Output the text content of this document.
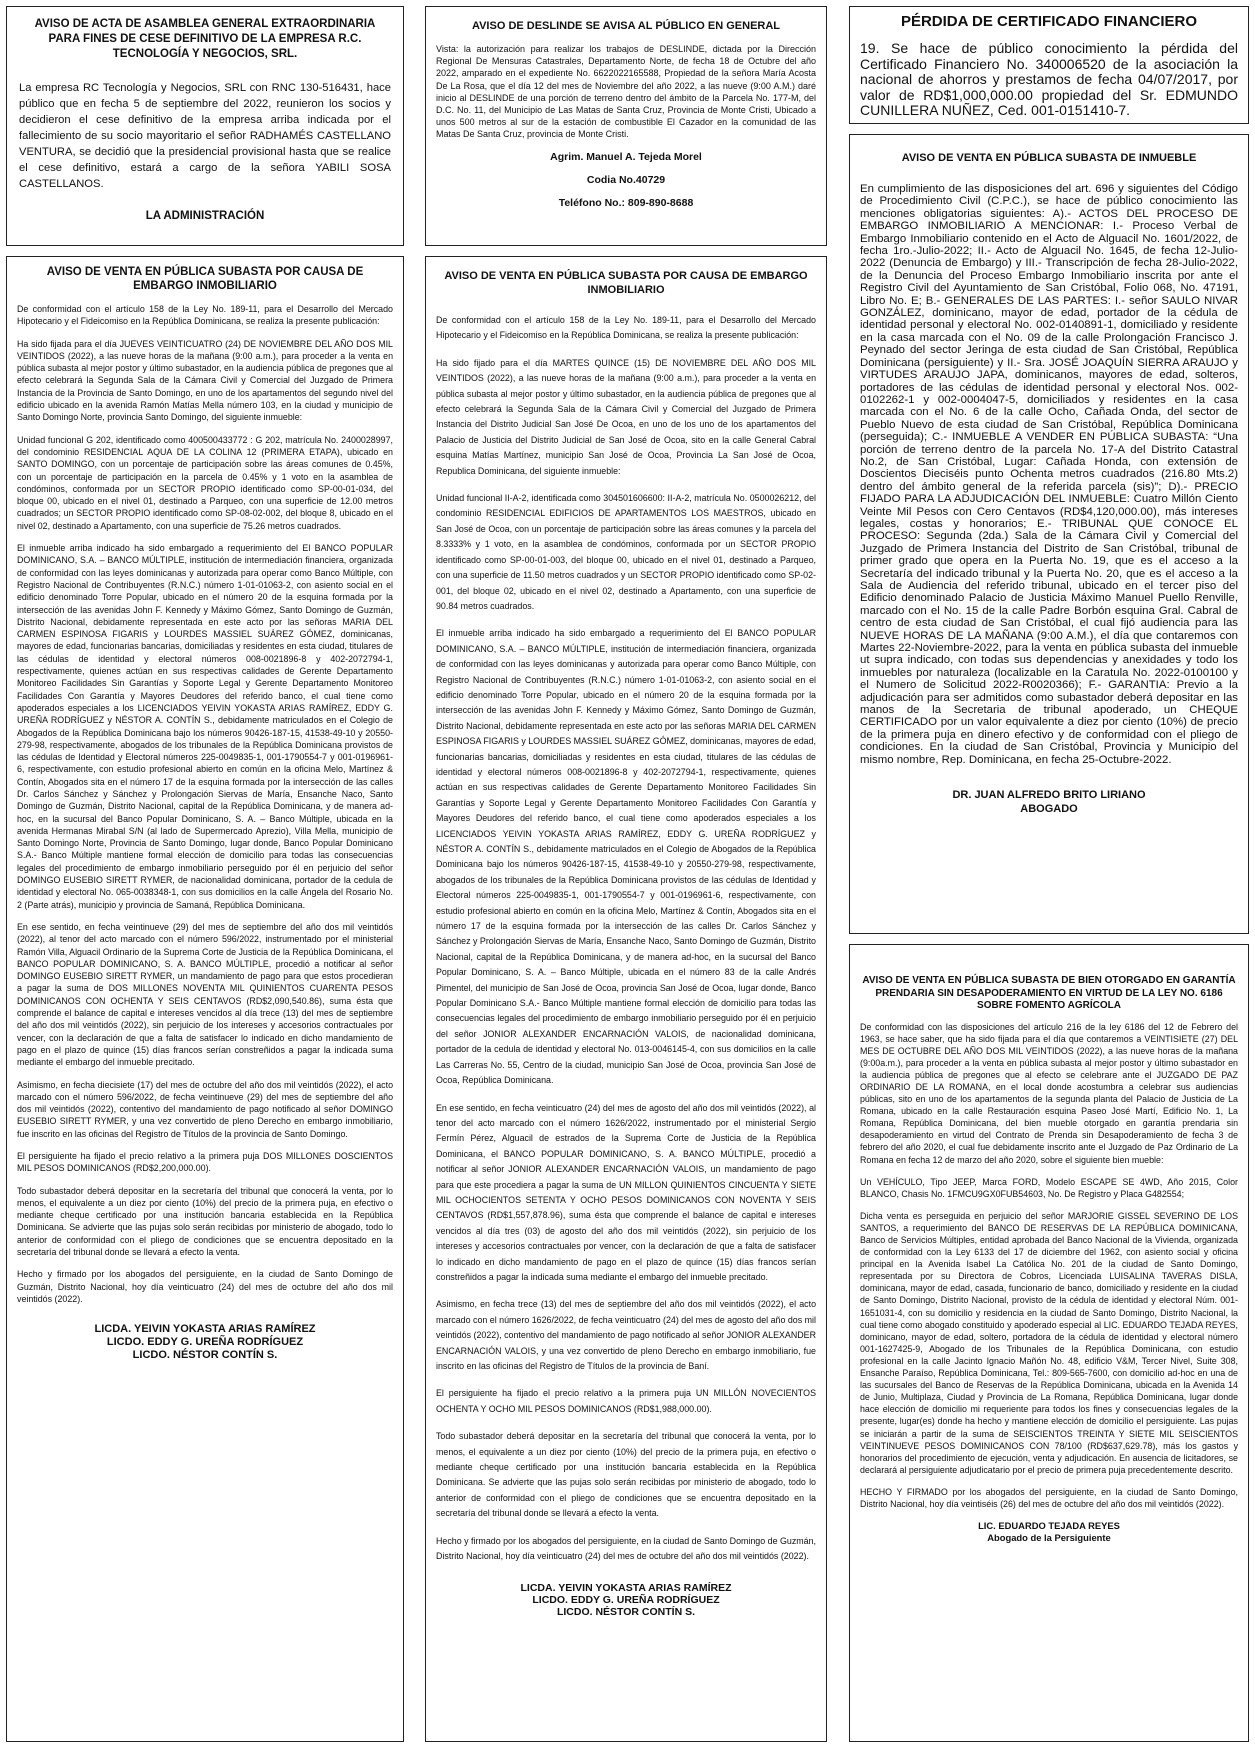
AVISO DE ACTA DE ASAMBLEA GENERAL EXTRAORDINARIA PARA FINES DE CESE DEFINITIVO DE LA EMPRESA R.C. TECNOLOGÍA Y NEGOCIOS, SRL.

La empresa RC Tecnología y Negocios, SRL con RNC 130-516431, hace público que en fecha 5 de septiembre del 2022, reunieron los socios y decidieron el cese definitivo de la empresa arriba indicada por el fallecimiento de su socio mayoritario el señor RADHAMÉS CASTELLANO VENTURA, se decidió que la presidencial provisional hasta que se realice el cese definitivo, estará a cargo de la señora YABILI SOSA CASTELLANOS.

LA ADMINISTRACIÓN

AVISO DE VENTA EN PÚBLICA SUBASTA POR CAUSA DE EMBARGO INMOBILIARIO

De conformidad con el artículo 158 de la Ley No. 189-11, para el Desarrollo del Mercado Hipotecario y el Fideicomiso en la República Dominicana, se realiza la presente publicación:

Ha sido fijada para el día JUEVES VEINTICUATRO (24) DE NOVIEMBRE DEL AÑO DOS MIL VEINTIDOS (2022), a las nueve horas de la mañana (9:00 a.m.), para proceder a la venta en pública subasta al mejor postor y último subastador, en la audiencia pública de pregones que al efecto celebrará la Segunda Sala de la Cámara Civil y Comercial del Juzgado de Primera Instancia de la Provincia de Santo Domingo, en uno de los apartamentos del segundo nivel del edificio ubicado en la avenida Ramón Matías Mella número 103, en la ciudad y municipio de Santo Domingo Norte, provincia Santo Domingo, del siguiente inmueble:

Unidad funcional G 202, identificado como 400500433772 : G 202, matrícula No. 2400028997, del condominio RESIDENCIAL AQUA DE LA COLINA 12 (PRIMERA ETAPA), ubicado en SANTO DOMINGO, con un porcentaje de participación sobre las áreas comunes de 0.45%, con un porcentaje de participación en la parcela de 0.45% y 1 voto en la asamblea de condóminos, conformada por un SECTOR PROPIO identificado como SP-00-01-034, del bloque 00, ubicado en el nivel 01, destinado a Parqueo, con una superficie de 12.00 metros cuadrados; un SECTOR PROPIO identificado como SP-08-02-002, del bloque 8, ubicado en el nivel 02, destinado a Apartamento, con una superficie de 75.26 metros cuadrados.

El inmueble arriba indicado ha sido embargado a requerimiento del El BANCO POPULAR DOMINICANO, S.A. – BANCO MÚLTIPLE, institución de intermediación financiera, organizada de conformidad con las leyes dominicanas y autorizada para operar como Banco Múltiple, con Registro Nacional de Contribuyentes (R.N.C.) número 1-01-01063-2, con asiento social en el edificio denominado Torre Popular, ubicado en el número 20 de la esquina formada por la intersección de las avenidas John F. Kennedy y Máximo Gómez, Santo Domingo de Guzmán, Distrito Nacional, debidamente representada en este acto por las señoras MARIA DEL CARMEN ESPINOSA FIGARIS y LOURDES MASSIEL SUÁREZ GÓMEZ, dominicanas, mayores de edad, funcionarias bancarias, domiciliadas y residentes en esta ciudad, titulares de las cédulas de identidad y electoral números 008-0021896-8 y 402-2072794-1, respectivamente, quienes actúan en sus respectivas calidades de Gerente Departamento Monitoreo Facilidades Sin Garantías y Soporte Legal y Gerente Departamento Monitoreo Facilidades Con Garantía y Mayores Deudores del referido banco, el cual tiene como apoderados especiales a los LICENCIADOS YEIVIN YOKASTA ARIAS RAMÍREZ, EDDY G. UREÑA RODRÍGUEZ y NÉSTOR A. CONTÍN S., debidamente matriculados en el Colegio de Abogados de la República Dominicana bajo los números 90426-187-15, 41538-49-10 y 20550-279-98, respectivamente, abogados de los tribunales de la República Dominicana provistos de las cédulas de Identidad y Electoral números 225-0049835-1, 001-1790554-7 y 001-0196961-6, respectivamente, con estudio profesional abierto en común en la oficina Melo, Martínez & Contín, Abogados sita en el número 17 de la esquina formada por la intersección de las calles Dr. Carlos Sánchez y Sánchez y Prolongación Siervas de María, Ensanche Naco, Santo Domingo de Guzmán, Distrito Nacional, capital de la República Dominicana, y de manera ad-hoc, en la sucursal del Banco Popular Dominicano, S. A. – Banco Múltiple, ubicada en la avenida Hermanas Mirabal S/N (al lado de Supermercado Aprezio), Villa Mella, municipio de Santo Domingo Norte, Provincia de Santo Domingo, lugar donde, Banco Popular Dominicano S.A.- Banco Múltiple mantiene formal elección de domicilio para todas las consecuencias legales del procedimiento de embargo inmobiliario perseguido por él en perjuicio del señor DOMINGO EUSEBIO SIRETT RYMER, de nacionalidad dominicana, portador de la cedula de identidad y electoral No. 065-0038348-1, con sus domicilios en la calle Ángela del Rosario No. 2 (Parte atrás), municipio y provincia de Samaná, República Dominicana.

En ese sentido, en fecha veintinueve (29) del mes de septiembre del año dos mil veintidós (2022), al tenor del acto marcado con el número 596/2022, instrumentado por el ministerial Ramón Villa, Alguacil Ordinario de la Suprema Corte de Justicia de la República Dominicana, el BANCO POPULAR DOMINICANO, S. A. BANCO MÚLTIPLE, procedió a notificar al señor DOMINGO EUSEBIO SIRETT RYMER, un mandamiento de pago para que estos procedieran a pagar la suma de DOS MILLONES NOVENTA MIL QUINIENTOS CUARENTA PESOS DOMINICANOS CON OCHENTA Y SEIS CENTAVOS (RD$2,090,540.86), suma ésta que comprende el balance de capital e intereses vencidos al día trece (13) del mes de septiembre del año dos mil veintidós (2022), sin perjuicio de los intereses y accesorios contractuales por vencer, con la declaración de que a falta de satisfacer lo indicado en dicho mandamiento de pago en el plazo de quince (15) días francos serían constreñidos a pagar la indicada suma mediante el embargo del inmueble precitado.

Asimismo, en fecha diecisiete (17) del mes de octubre del año dos mil veintidós (2022), el acto marcado con el número 596/2022, de fecha veintinueve (29) del mes de septiembre del año dos mil veintidós (2022), contentivo del mandamiento de pago notificado al señor DOMINGO EUSEBIO SIRETT RYMER, y una vez convertido de pleno Derecho en embargo inmobiliario, fue inscrito en las oficinas del Registro de Títulos de la provincia de Santo Domingo.

El persiguiente ha fijado el precio relativo a la primera puja DOS MILLONES DOSCIENTOS MIL PESOS DOMINICANOS (RD$2,200,000.00).

Todo subastador deberá depositar en la secretaría del tribunal que conocerá la venta, por lo menos, el equivalente a un diez por ciento (10%) del precio de la primera puja, en efectivo o mediante cheque certificado por una institución bancaria establecida en la República Dominicana. Se advierte que las pujas solo serán recibidas por ministerio de abogado, todo lo anterior de conformidad con el pliego de condiciones que se encuentra depositado en la secretaría del tribunal donde se llevará a efecto la venta.

Hecho y firmado por los abogados del persiguiente, en la ciudad de Santo Domingo de Guzmán, Distrito Nacional, hoy día veinticuatro (24) del mes de octubre del año dos mil veintidós (2022).

LICDA. YEIVIN YOKASTA ARIAS RAMÍREZ

LICDO. EDDY G. UREÑA RODRÍGUEZ

LICDO. NÉSTOR CONTÍN S.

AVISO DE DESLINDE SE AVISA AL PÚBLICO EN GENERAL

Vista: la autorización para realizar los trabajos de DESLINDE, dictada por la Dirección Regional De Mensuras Catastrales, Departamento Norte, de fecha 18 de Octubre del año 2022, amparado en el expediente No. 6622022165588, Propiedad de la señora María Acosta De La Rosa, que el día 12 del mes de Noviembre del año 2022, a las nueve (9:00 A.M.) daré inicio al DESLINDE de una porción de terreno dentro del ámbito de la Parcela No. 177-M, del D.C. No. 11, del Municipio de Las Matas de Santa Cruz, Provincia de Monte Cristi, Ubicado a unos 500 metros al sur de la estación de combustible El Cazador en la comunidad de las Matas De Santa Cruz, provincia de Monte Cristi.

Agrim. Manuel A. Tejeda Morel

Codia No.40729

Teléfono No.: 809-890-8688

AVISO DE VENTA EN PÚBLICA SUBASTA POR CAUSA DE EMBARGO INMOBILIARIO

De conformidad con el artículo 158 de la Ley No. 189-11, para el Desarrollo del Mercado Hipotecario y el Fideicomiso en la República Dominicana, se realiza la presente publicación:

Ha sido fijado para el día MARTES QUINCE (15) DE NOVIEMBRE DEL AÑO DOS MIL VEINTIDOS (2022), a las nueve horas de la mañana (9:00 a.m.), para proceder a la venta en pública subasta al mejor postor y último subastador, en la audiencia pública de pregones que al efecto celebrará la Segunda Sala de la Cámara Civil y Comercial del Juzgado de Primera Instancia del Distrito Judicial San José De Ocoa, en uno de los uno de los apartamentos del Palacio de Justicia del Distrito Judicial de San José de Ocoa, sito en la calle General Cabral esquina Matías Martínez, municipio San José de Ocoa, Provincia La San José de Ocoa, Republica Dominicana, del siguiente inmueble:

Unidad funcional II-A-2, identificada como 304501606600: II-A-2, matrícula No. 0500026212, del condominio RESIDENCIAL EDIFICIOS DE APARTAMENTOS LOS MAESTROS, ubicado en San José de Ocoa, con un porcentaje de participación sobre las áreas comunes y la parcela del 8.3333% y 1 voto, en la asamblea de condóminos, conformada por un SECTOR PROPIO identificado como SP-00-01-003, del bloque 00, ubicado en el nivel 01, destinado a Parqueo, con una superficie de 11.50 metros cuadrados y un SECTOR PROPIO identificado como SP-02-001, del bloque 02, ubicado en el nivel 02, destinado a Apartamento, con una superficie de 90.84 metros cuadrados.

El inmueble arriba indicado ha sido embargado a requerimiento del El BANCO POPULAR DOMINICANO, S.A. – BANCO MÚLTIPLE, institución de intermediación financiera, organizada de conformidad con las leyes dominicanas y autorizada para operar como Banco Múltiple, con Registro Nacional de Contribuyentes (R.N.C.) número 1-01-01063-2, con asiento social en el edificio denominado Torre Popular, ubicado en el número 20 de la esquina formada por la intersección de las avenidas John F. Kennedy y Máximo Gómez, Santo Domingo de Guzmán, Distrito Nacional, debidamente representada en este acto por las señoras MARIA DEL CARMEN ESPINOSA FIGARIS y LOURDES MASSIEL SUÁREZ GÓMEZ, dominicanas, mayores de edad, funcionarias bancarias, domiciliadas y residentes en esta ciudad, titulares de las cédulas de identidad y electoral números 008-0021896-8 y 402-2072794-1, respectivamente, quienes actúan en sus respectivas calidades de Gerente Departamento Monitoreo Facilidades Sin Garantías y Soporte Legal y Gerente Departamento Monitoreo Facilidades Con Garantía y Mayores Deudores del referido banco, el cual tiene como apoderados especiales a los LICENCIADOS YEIVIN YOKASTA ARIAS RAMÍREZ, EDDY G. UREÑA RODRÍGUEZ y NÉSTOR A. CONTÍN S., debidamente matriculados en el Colegio de Abogados de la República Dominicana bajo los números 90426-187-15, 41538-49-10 y 20550-279-98, respectivamente, abogados de los tribunales de la República Dominicana provistos de las cédulas de Identidad y Electoral números 225-0049835-1, 001-1790554-7 y 001-0196961-6, respectivamente, con estudio profesional abierto en común en la oficina Melo, Martínez & Contín, Abogados sita en el número 17 de la esquina formada por la intersección de las calles Dr. Carlos Sánchez y Sánchez y Prolongación Siervas de María, Ensanche Naco, Santo Domingo de Guzmán, Distrito Nacional, capital de la República Dominicana, y de manera ad-hoc, en la sucursal del Banco Popular Dominicano, S. A. – Banco Múltiple, ubicada en el número 83 de la calle Andrés Pimentel, del municipio de San José de Ocoa, provincia San José de Ocoa, lugar donde, Banco Popular Dominicano S.A.- Banco Múltiple mantiene formal elección de domicilio para todas las consecuencias legales del procedimiento de embargo inmobiliario perseguido por él en perjuicio del señor JONIOR ALEXANDER ENCARNACIÓN VALOIS, de nacionalidad dominicana, portador de la cedula de identidad y electoral No. 013-0046145-4, con sus domicilios en la calle Las Carreras No. 55, Centro de la ciudad, municipio San José de Ocoa, provincia San José de Ocoa, República Dominicana.

En ese sentido, en fecha veinticuatro (24) del mes de agosto del año dos mil veintidós (2022), al tenor del acto marcado con el número 1626/2022, instrumentado por el ministerial Sergio Fermín Pérez, Alguacil de estrados de la Suprema Corte de Justicia de la República Dominicana, el BANCO POPULAR DOMINICANO, S. A. BANCO MÚLTIPLE, procedió a notificar al señor JONIOR ALEXANDER ENCARNACIÓN VALOIS, un mandamiento de pago para que este procediera a pagar la suma de UN MILLON QUINIENTOS CINCUENTA Y SIETE MIL OCHOCIENTOS SETENTA Y OCHO PESOS DOMINICANOS CON NOVENTA Y SEIS CENTAVOS (RD$1,557,878.96), suma ésta que comprende el balance de capital e intereses vencidos al día tres (03) de agosto del año dos mil veintidós (2022), sin perjuicio de los intereses y accesorios contractuales por vencer, con la declaración de que a falta de satisfacer lo indicado en dicho mandamiento de pago en el plazo de quince (15) días francos serían constreñidos a pagar la indicada suma mediante el embargo del inmueble precitado.

Asimismo, en fecha trece (13) del mes de septiembre del año dos mil veintidós (2022), el acto marcado con el número 1626/2022, de fecha veinticuatro (24) del mes de agosto del año dos mil veintidós (2022), contentivo del mandamiento de pago notificado al señor JONIOR ALEXANDER ENCARNACIÓN VALOIS, y una vez convertido de pleno Derecho en embargo inmobiliario, fue inscrito en las oficinas del Registro de Títulos de la provincia de Baní.

El persiguiente ha fijado el precio relativo a la primera puja UN MILLÓN NOVECIENTOS OCHENTA Y OCHO MIL PESOS DOMINICANOS (RD$1,988,000.00).

Todo subastador deberá depositar en la secretaría del tribunal que conocerá la venta, por lo menos, el equivalente a un diez por ciento (10%) del precio de la primera puja, en efectivo o mediante cheque certificado por una institución bancaria establecida en la República Dominicana. Se advierte que las pujas solo serán recibidas por ministerio de abogado, todo lo anterior de conformidad con el pliego de condiciones que se encuentra depositado en la secretaría del tribunal donde se llevará a efecto la venta.

Hecho y firmado por los abogados del persiguiente, en la ciudad de Santo Domingo de Guzmán, Distrito Nacional, hoy día veinticuatro (24) del mes de octubre del año dos mil veintidós (2022).

LICDA. YEIVIN YOKASTA ARIAS RAMÍREZ

LICDO. EDDY G. UREÑA RODRÍGUEZ

LICDO. NÉSTOR CONTÍN S.

PÉRDIDA DE CERTIFICADO FINANCIERO

19. Se hace de público conocimiento la pérdida del Certificado Financiero No. 340006520 de la asociación la nacional de ahorros y prestamos de fecha 04/07/2017, por valor de RD$1,000,000.00 propiedad del Sr. EDMUNDO CUNILLERA NUÑEZ, Ced. 001-0151410-7.

AVISO DE VENTA EN PÚBLICA SUBASTA DE INMUEBLE

En cumplimiento de las disposiciones del art. 696 y siguientes del Código de Procedimiento Civil (C.P.C.), se hace de público conocimiento las menciones obligatorias siguientes: A).- ACTOS DEL PROCESO DE EMBARGO INMOBILIARIO A MENCIONAR: I.- Proceso Verbal de Embargo Inmobiliario contenido en el Acto de Alguacil No. 1601/2022, de fecha 1ro.-Julio-2022; II.- Acto de Alguacil No. 1645, de fecha 12-Julio-2022 (Denuncia de Embargo) y III.- Transcripción de fecha 28-Julio-2022, de la Denuncia del Proceso Embargo Inmobiliario inscrita por ante el Registro Civil del Ayuntamiento de San Cristóbal, Folio 068, No. 47191, Libro No. E; B.- GENERALES DE LAS PARTES: I.- señor SAULO NIVAR GONZÁLEZ, dominicano, mayor de edad, portador de la cédula de identidad personal y electoral No. 002-0140891-1, domiciliado y residente en la casa marcada con el No. 09 de la calle Prolongación Francisco J. Peynado del sector Jeringa de esta ciudad de San Cristóbal, República Dominicana (persiguiente) y II.- Sra. JOSÉ JOAQUÍN SIERRA ARAUJO y VIRTUDES ARAUJO JAPA, dominicanos, mayores de edad, solteros, portadores de las cédulas de identidad personal y electoral Nos. 002-0102262-1 y 002-0004047-5, domiciliados y residentes en la casa marcada con el No. 6 de la calle Ocho, Cañada Onda, del sector de Pueblo Nuevo de esta ciudad de San Cristóbal, República Dominicana (perseguida); C.- INMUEBLE A VENDER EN PÚBLICA SUBASTA: “Una porción de terreno dentro de la parcela No. 17-A del Distrito Catastral No.2, de San Cristóbal, Lugar: Cañada Honda, con extensión de Doscientos Dieciséis punto Ochenta metros cuadrados (216.80 Mts.2) dentro del ámbito general de la referida parcela (sis)”; D).- PRECIO FIJADO PARA LA ADJUDICACIÓN DEL INMUEBLE: Cuatro Millón Ciento Veinte Mil Pesos con Cero Centavos (RD$4,120,000.00), más intereses legales, costas y honorarios; E.- TRIBUNAL QUE CONOCE EL PROCESO: Segunda (2da.) Sala de la Cámara Civil y Comercial del Juzgado de Primera Instancia del Distrito de San Cristóbal, tribunal de primer grado que opera en la Puerta No. 19, que es el acceso a la Secretaría del indicado tribunal y la Puerta No. 20, que es el acceso a la Sala de Audiencia del referido tribunal, ubicado en el tercer piso del Edificio denominado Palacio de Justicia Máximo Manuel Puello Renville, marcado con el No. 15 de la calle Padre Borbón esquina Gral. Cabral de centro de esta ciudad de San Cristóbal, el cual fijó audiencia para las NUEVE HORAS DE LA MAÑANA (9:00 A.M.), el día que contaremos con Martes 22-Noviembre-2022, para la venta en pública subasta del inmueble ut supra indicado, con todas sus dependencias y anexidades y todo los inmuebles por naturaleza (localizable en la Caratula No. 2022-0100100 y el Numero de Solicitud 2022-R0020366); F.- GARANTIA: Previo a la adjudicación para ser admitidos como subastador deberá depositar en las manos de la Secretaria de tribunal apoderado, un CHEQUE CERTIFICADO por un valor equivalente a diez por ciento (10%) de precio de la primera puja en dinero efectivo y de conformidad con el pliego de condiciones. En la ciudad de San Cristóbal, Provincia y Municipio del mismo nombre, Rep. Dominicana, en fecha 25-Octubre-2022.

DR. JUAN ALFREDO BRITO LIRIANO

ABOGADO

AVISO DE VENTA EN PÚBLICA SUBASTA DE BIEN OTORGADO EN GARANTÍA PRENDARIA SIN DESAPODERAMIENTO EN VIRTUD DE LA LEY NO. 6186 SOBRE FOMENTO AGRÍCOLA

De conformidad con las disposiciones del artículo 216 de la ley 6186 del 12 de Febrero del 1963, se hace saber, que ha sido fijada para el día que contaremos a VEINTISIETE (27) DEL MES DE OCTUBRE DEL AÑO DOS MIL VEINTIDOS (2022), a las nueve horas de la mañana (9:00a.m.), para proceder a la venta en pública subasta al mejor postor y último subastador en la audiencia pública de pregones que al efecto se celebrare ante el JUZGADO DE PAZ ORDINARIO DE LA ROMANA, en el local donde acostumbra a celebrar sus audiencias públicas, sito en uno de los apartamentos de la segunda planta del Palacio de Justicia de La Romana, ubicado en la calle Restauración esquina Paseo José Martí, Edificio No. 1, La Romana, República Dominicana, del bien mueble otorgado en garantía prendaria sin desapoderamiento en virtud del Contrato de Prenda sin Desapoderamiento de fecha 3 de febrero del año 2020, el cual fue debidamente inscrito ante el Juzgado de Paz Ordinario de La Romana en fecha 12 de marzo del año 2020, sobre el siguiente bien mueble:

Un VEHÍCULO, Tipo JEEP, Marca FORD, Modelo ESCAPE SE 4WD, Año 2015, Color BLANCO, Chasis No. 1FMCU9GX0FUB54603, No. De Registro y Placa G482554;

Dicha venta es perseguida en perjuicio del señor MARJORIE GISSEL SEVERINO DE LOS SANTOS, a requerimiento del BANCO DE RESERVAS DE LA REPÚBLICA DOMINICANA, Banco de Servicios Múltiples, entidad aprobada del Banco Nacional de la Vivienda, organizada de conformidad con la Ley 6133 del 17 de diciembre del 1962, con asiento social y oficina principal en la Avenida Isabel La Católica No. 201 de la ciudad de Santo Domingo, representada por su Directora de Cobros, Licenciada LUISALINA TAVERAS DISLA, dominicana, mayor de edad, casada, funcionario de banco, domiciliado y residente en la ciudad de Santo Domingo, Distrito Nacional, provisto de la cédula de identidad y electoral Núm. 001-1651031-4, con su domicilio y residencia en la ciudad de Santo Domingo, Distrito Nacional, la cual tiene como abogado constituido y apoderado especial al LIC. EDUARDO TEJADA REYES, dominicano, mayor de edad, soltero, portadora de la cédula de identidad y electoral número 001-1627425-9, Abogado de los Tribunales de la República Dominicana, con estudio profesional en la calle Jacinto Ignacio Mañón No. 48, edificio V&M, Tercer Nivel, Suite 308, Ensanche Paraíso, República Dominicana, Tel.: 809-565-7600, con domicilio ad-hoc en una de las sucursales del Banco de Reservas de la República Dominicana, ubicada en la Avenida 14 de Junio, Multiplaza, Ciudad y Provincia de La Romana, República Dominicana, lugar donde hace elección de domicilio mi requeriente para todos los fines y consecuencias legales de la presente, lugar(es) donde ha hecho y mantiene elección de domicilio el persiguiente. Las pujas se iniciarán a partir de la suma de SEISCIENTOS TREINTA Y SIETE MIL SEISCIENTOS VEINTINUEVE PESOS DOMINICANOS CON 78/100 (RD$637,629.78), más los gastos y honorarios del procedimiento de ejecución, venta y adjudicación. En ausencia de licitadores, se declarará al persiguiente adjudicatario por el precio de primera puja precedentemente descrito.

HECHO Y FIRMADO por los abogados del persiguiente, en la ciudad de Santo Domingo, Distrito Nacional, hoy día veintiséis (26) del mes de octubre del año dos mil veintidós (2022).

LIC. EDUARDO TEJADA REYES

Abogado de la Persiguiente
